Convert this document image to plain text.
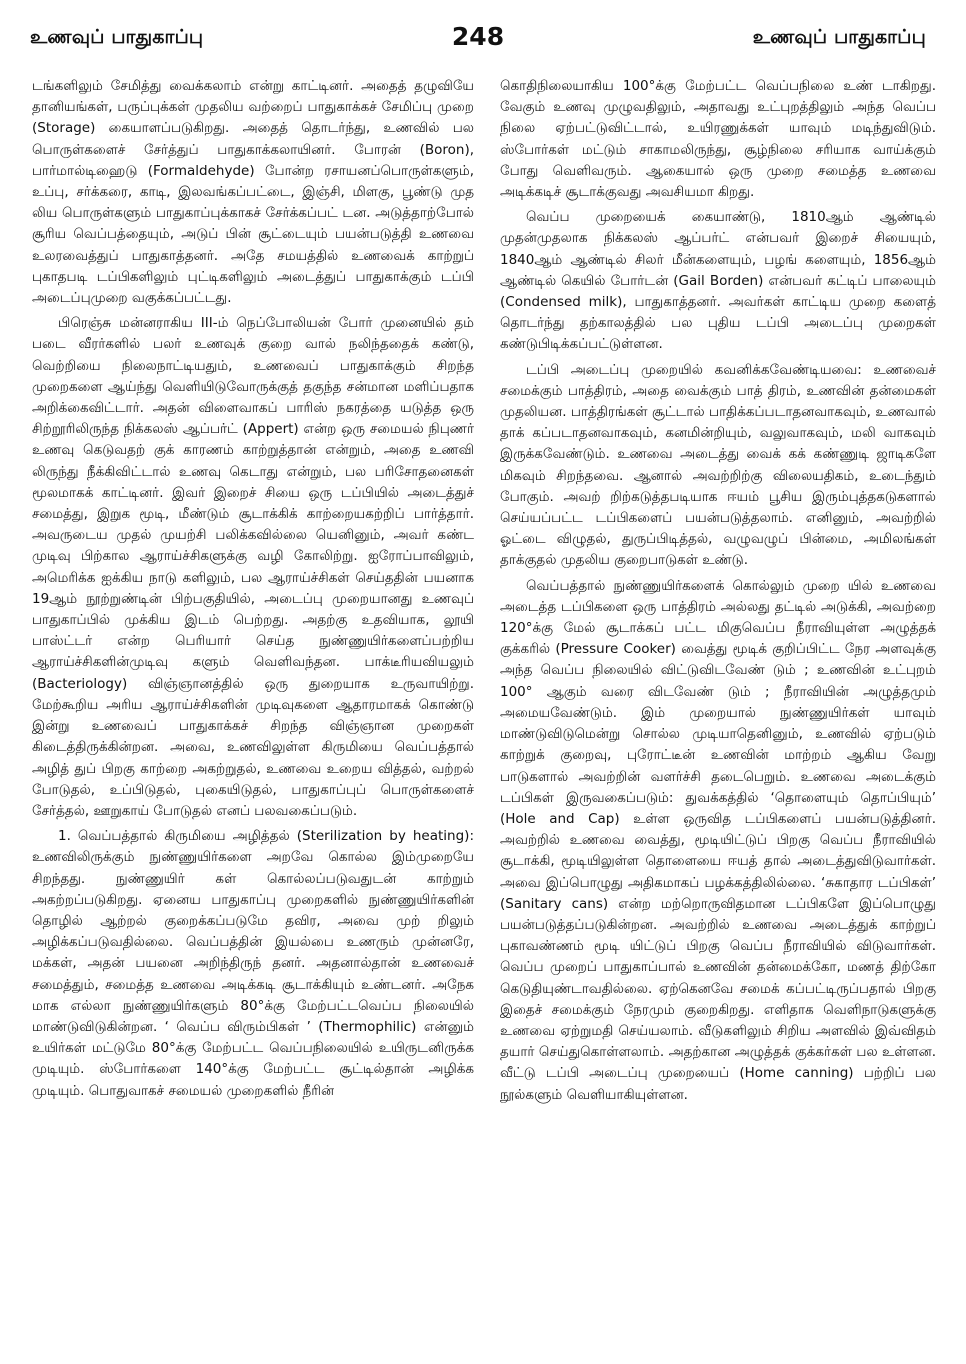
உணவுப் பாதுகாப்பு	248	உணவுப் பாதுகாப்பு

டங்களிலும் சேமித்து வைக்கலாம் என்று காட்டினர். அதைத் தழுவியே தானியங்கள், பருப்புக்கள் முதலிய வற்றைப் பாதுகாக்கச் சேமிப்பு முறை (Storage) கையாளப்படுகிறது. அதைத் தொடர்ந்து, உணவில் பல பொருள்களைச் சேர்த்துப் பாதுகாக்கலாயினர். போரன் (Boron), பார்மால்டிஹைடு (Formaldehyde) போன்ற ரசாயனப்பொருள்களும், உப்பு, சர்க்கரை, காடி, இலவங்கப்பட்டை, இஞ்சி, மிளகு, பூண்டு முத லிய பொருள்களும் பாதுகாப்புக்காகச் சேர்க்கப்பட் டன. அடுத்தாற்போல் சூரிய வெப்பத்தையும், அடுப் பின் சூட்டையும் பயன்படுத்தி உணவை உலரவைத்துப் பாதுகாத்தனர். அதே சமயத்தில் உணவைக் காற்றுப் புகாதபடி டப்பிகளிலும் புட்டிகளிலும் அடைத்துப் பாதுகாக்கும் டப்பி அடைப்புமுறை வகுக்கப்பட்டது.

பிரெஞ்சு மன்னராகிய III-ம் நெப்போலியன் போர் முனையில் தம் படை வீரர்களில் பலர் உணவுக் குறை வால் நலிந்ததைக் கண்டு, வெற்றியை நிலைநாட்டியதும், உணவைப் பாதுகாக்கும் சிறந்த முறைகளை ஆய்ந்து வெளியிடுவோருக்குத் தகுந்த சன்மான மளிப்பதாக அறிக்கைவிட்டார். அதன் விளைவாகப் பாரிஸ் நகரத்தை யடுத்த ஒரு சிற்றூரிலிருந்த நிக்கலஸ் ஆப்பர்ட் (Appert) என்ற ஒரு சமையல் நிபுணர் உணவு கெடுவதற் குக் காரணம் காற்றுத்தான் என்றும், அதை உணவி லிருந்து நீக்கிவிட்டால் உணவு கெடாது என்றும், பல பரிசோதனைகள் மூலமாகக் காட்டினர். இவர் இறைச் சியை ஒரு டப்பியில் அடைத்துச் சமைத்து, இறுக மூடி, மீண்டும் சூடாக்கிக் காற்றையகற்றிப் பார்த்தார். அவருடைய முதல் முயற்சி பலிக்கவில்லை யெனினும், அவர் கண்ட முடிவு பிற்கால ஆராய்ச்சிகளுக்கு வழி கோலிற்று. ஐரோப்பாவிலும், அமெரிக்க ஐக்கிய நாடு களிலும், பல ஆராய்ச்சிகள் செய்ததின் பயனாக 19ஆம் நூற்றுண்டின் பிற்பகுதியில், அடைப்பு முறையானது உணவுப் பாதுகாப்பில் முக்கிய இடம் பெற்றது. அதற்கு உதவியாக, லூயி பாஸ்ட்டர் என்ற பெரியார் செய்த நுண்ணுயிர்களைப்பற்றிய ஆராய்ச்சிகளின்முடிவு களும் வெளிவந்தன. பாக்டீரியவியலும் (Bacteriology) விஞ்ஞானத்தில் ஒரு துறையாக உருவாயிற்று. மேற்கூறிய அரிய ஆராய்ச்சிகளின் முடிவுகளை ஆதாரமாகக் கொண்டு இன்று உணவைப் பாதுகாக்கச் சிறந்த விஞ்ஞான முறைகள் கிடைத்திருக்கின்றன. அவை, உணவிலுள்ள கிருமியை வெப்பத்தால் அழித் துப் பிறகு காற்றை அகற்றுதல், உணவை உறைய வித்தல், வற்றல் போடுதல், உப்பிடுதல், புகையிடுதல், பாதுகாப்புப் பொருள்களைச் சேர்த்தல், ஊறுகாய் போடுதல் எனப் பலவகைப்படும்.

1. வெப்பத்தால் கிருமியை அழித்தல் (Sterilization by heating): உணவிலிருக்கும் நுண்ணுயிர்களை அறவே கொல்ல இம்முறையே சிறந்தது. நுண்ணுயிர் கள் கொல்லப்படுவதுடன் காற்றும் அகற்றப்படுகிறது. ஏனைய பாதுகாப்பு முறைகளில் நுண்ணுயிர்களின் தொழில் ஆற்றல் குறைக்கப்படுமே தவிர, அவை முற் றிலும் அழிக்கப்படுவதில்லை. வெப்பத்தின் இயல்பை உணரும் முன்னரே, மக்கள், அதன் பயனை அறிந்திருந் தனர். அதனால்தான் உணவைச் சமைத்தும், சமைத்த உணவை அடிக்கடி சூடாக்கியும் உண்டனர். அநேக மாக எல்லா நுண்ணுயிர்களும் 80°க்கு மேற்பட்டவெப்ப நிலையில் மாண்டுவிடுகின்றன. ‘ வெப்ப விரும்பிகள் ’ (Thermophilic) என்னும் உயிர்கள் மட்டுமே 80°க்கு மேற்பட்ட வெப்பநிலையில் உயிருடனிருக்க முடியும். ஸ்போர்களை 140°க்கு மேற்பட்ட சூட்டில்தான் அழிக்க முடியும். பொதுவாகச் சமையல் முறைகளில் நீரின்

கொதிநிலையாகிய 100°க்கு மேற்பட்ட வெப்பநிலை உண் டாகிறது. வேகும் உணவு முழுவதிலும், அதாவது உட்புறத்திலும் அந்த வெப்ப நிலை ஏற்பட்டுவிட்டால், உயிரணுக்கள் யாவும் மடிந்துவிடும். ஸ்போர்கள் மட்டும் சாகாமலிருந்து, சூழ்நிலை சரியாக வாய்க்கும் போது வெளிவரும். ஆகையால் ஒரு முறை சமைத்த உணவை அடிக்கடிச் சூடாக்குவது அவசியமா கிறது.

வெப்ப முறையைக் கையாண்டு, 1810ஆம் ஆண்டில் முதன்முதலாக நிக்கலஸ் ஆப்பர்ட் என்பவர் இறைச் சியையும், 1840ஆம் ஆண்டில் சிலர் மீன்களையும், பழங் களையும், 1856ஆம் ஆண்டில் கெயில் போர்டன் (Gail Borden) என்பவர் கட்டிப் பாலையும் (Condensed milk), பாதுகாத்தனர். அவர்கள் காட்டிய முறை களைத் தொடர்ந்து தற்காலத்தில் பல புதிய டப்பி அடைப்பு முறைகள் கண்டுபிடிக்கப்பட்டுள்ளன.

டப்பி அடைப்பு முறையில் கவனிக்கவேண்டியவை: உணவைச் சமைக்கும் பாத்திரம், அதை வைக்கும் பாத் திரம், உணவின் தன்மைகள் முதலியன. பாத்திரங்கள் சூட்டால் பாதிக்கப்படாதனவாகவும், உணவால் தாக் கப்படாதனவாகவும், கனமின்றியும், வலுவாகவும், மலி வாகவும் இருக்கவேண்டும். உணவை அடைத்து வைக் கக் கண்ணுடி ஜாடிகளே மிகவும் சிறந்தவை. ஆனால் அவற்றிற்கு விலையதிகம், உடைந்தும் போகும். அவற் றிற்கடுத்தபடியாக ஈயம் பூசிய இரும்புத்தகடுகளால் செய்யப்பட்ட டப்பிகளைப் பயன்படுத்தலாம். எனினும், அவற்றில் ஓட்டை விழுதல், துருப்பிடித்தல், வழுவழுப் பின்மை, அமிலங்கள் தாக்குதல் முதலிய குறைபாடுகள் உண்டு.

வெப்பத்தால் நுண்ணுயிர்களைக் கொல்லும் முறை யில் உணவை அடைத்த டப்பிகளை ஒரு பாத்திரம் அல்லது தட்டில் அடுக்கி, அவற்றை 120°க்கு மேல் சூடாக்கப் பட்ட மிகுவெப்ப நீராவியுள்ள அழுத்தக் குக்கரில் (Pressure Cooker) வைத்து மூடிக் குறிப்பிட்ட நேர அளவுக்கு அந்த வெப்ப நிலையில் விட்டுவிடவேண் டும் ; உணவின் உட்புறம் 100° ஆகும் வரை விடவேண் டும் ; நீராவியின் அழுத்தமும் அமையவேண்டும். இம் முறையால் நுண்ணுயிர்கள் யாவும் மாண்டுவிடுமென்று சொல்ல முடியாதெனினும், உணவில் ஏற்படும் காற்றுக் குறைவு, புரோட்டீன் உணவின் மாற்றம் ஆகிய வேறு பாடுகளால் அவற்றின் வளர்ச்சி தடைபெறும். உணவை அடைக்கும் டப்பிகள் இருவகைப்படும்: துவக்கத்தில் ‘தொளையும் தொப்பியும்’ (Hole and Cap) உள்ள ஒருவித டப்பிகளைப் பயன்படுத்தினர். அவற்றில் உணவை வைத்து, மூடியிட்டுப் பிறகு வெப்ப நீராவியில் சூடாக்கி, மூடியிலுள்ள தொளையை ஈயத் தால் அடைத்துவிடுவார்கள். அவை இப்பொழுது அதிகமாகப் பழக்கத்திலில்லை. ‘சுகாதார டப்பிகள்’ (Sanitary cans) என்ற மற்றொருவிதமான டப்பிகளே இப்பொழுது பயன்படுத்தப்படுகின்றன. அவற்றில் உணவை அடைத்துக் காற்றுப் புகாவண்ணம் மூடி யிட்டுப் பிறகு வெப்ப நீராவியில் விடுவார்கள். வெப்ப முறைப் பாதுகாப்பால் உணவின் தன்மைக்கோ, மணத் திற்கோ கெடுதியுண்டாவதில்லை. ஏற்கெனவே சமைக் கப்பட்டிருப்பதால் பிறகு இதைச் சமைக்கும் நேரமும் குறைகிறது. எளிதாக வெளிநாடுகளுக்கு உணவை ஏற்றுமதி செய்யலாம். வீடுகளிலும் சிறிய அளவில் இவ்விதம் தயார் செய்துகொள்ளலாம். அதற்கான அழுத்தக் குக்கர்கள் பல உள்ளன. வீட்டு டப்பி அடைப்பு முறையைப் (Home canning) பற்றிப் பல நூல்களும் வெளியாகியுள்ளன.
